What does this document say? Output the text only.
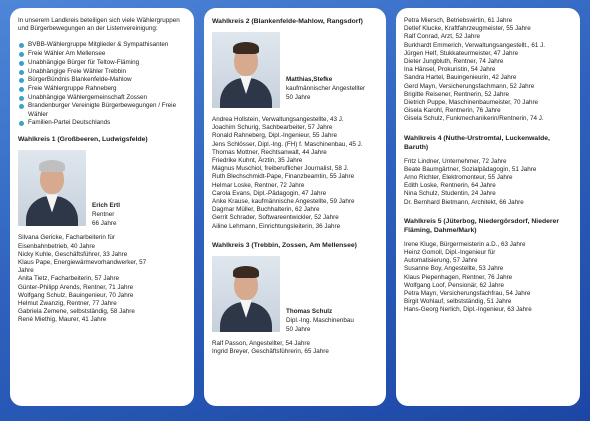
In unserem Landkreis beteiligen sich viele Wählergruppen und Bürgerbewegungen an der Listenvereinigung:

BVBB-Wählergruppe Mitglieder & Sympathisanten
Freie Wähler Am Mellensee
Unabhängige Bürger für Teltow-Fläming
Unabhängige Freie Wähler Trebbin
BürgerBündnis Blankenfelde-Mahlow
Freie Wählergruppe Rahneberg
Unabhängige Wählergemeinschaft Zossen
Brandenburger Vereinigte Bürgerbewegungen / Freie Wähler
Familien-Partei Deutschlands
Wahlkreis 1 (Großbeeren, Ludwigsfelde)
Erich Ertl
Rentner
66 Jahre
Silvana Gericke, Facharbeiterin für
Eisenbahnbetrieb, 40 Jahre
Nicky Kuhle, Geschäftsführer, 33 Jahre
Klaus Pape, Energiewärmevorhandwerker, 57
Jahre
Anita Tietz, Facharbeiterin, 57 Jahre
Günter-Philipp Arends, Rentner, 71 Jahre
Wolfgang Schulz, Bauingenieur, 70 Jahre
Helmut Zwanzig, Rentner, 77 Jahre
Gabriela Zemene, selbstständig, 58 Jahre
René Miethig, Maurer, 41 Jahre
Wahlkreis 2 (Blankenfelde-Mahlow, Rangsdorf)
Matthias,Stefke
kaufmännischer Angestellter
50 Jahre
Andrea Hollstein, Verwaltungsangestellte, 43 J.
Joachim Schurig, Sachbearbeiter, 57 Jahre
Ronald Rahneberg, Dipl.-Ingenieur, 55 Jahre
Jens Schlösser, Dipl.-Ing. (FH) f. Maschinenbau, 45 J.
Thomas Mottner, Rechtsanwalt, 44 Jahre
Friedrike Kuhnt, Ärztin, 35 Jahre
Magnus Muschiol, freiberuflicher Journalist, 58 J.
Ruth Blechschmidt-Pape, Finanzbeamtin, 55 Jahre
Helmar Loske, Rentner, 72 Jahre
Carola Evans, Dipl.-Pädagogin, 47 Jahre
Anke Krause, kaufmännische Angestellte, 59 Jahre
Dagmar Müller, Buchhalterin, 62 Jahre
Gerrit Schrader, Softwareentwickler, 52 Jahre
Ailine Lehmann, Einrichtungsleiterin, 36 Jahre
Wahlkreis 3 (Trebbin, Zossen, Am Mellensee)
Thomas Schulz
Dipl.-Ing. Maschinenbau
50 Jahre
Ralf Passon, Angestellter, 54 Jahre
Ingrid Breyer, Geschäftsführerin, 65 Jahre
Petra Miersch, Betriebswirtin, 61 Jahre
Detlef Klucke, Kraftfahrzeugmeister, 55 Jahre
Ralf Conrad, Arzt, 52 Jahre
Burkhardt Emmerich, Verwaltungsangestellt., 61 J.
Jürgen Helf, Stukkateurmeister, 47 Jahre
Dieter Jungbluth, Rentner, 74 Jahre
Ina Hänsel, Prokuristin, 54 Jahre
Sandra Hartel, Bauingenieurin, 42 Jahre
Gerd Mayn, Versicherungsfachmann, 52 Jahre
Brigitte Reisener, Rentnerin, 52 Jahre
Dietrich Puppe, Maschinenbaumeister, 70 Jahre
Gisela Karohl, Rentnerin, 76 Jahre
Gisela Schulz, Funkmechanikerin/Rentnerin, 74 J.
Wahlkreis 4 (Nuthe-Urstromtal, Luckenwalde, Baruth)
Fritz Lindner, Unternehmer, 72 Jahre
Beate Baumgärtner, Sozialpädagogin, 51 Jahre
Arno Richter, Elektromonteur, 55 Jahre
Edith Loske, Rentnerin, 64 Jahre
Nina Schulz, Studentin, 24 Jahre
Dr. Bernhard Bietmann, Architekt, 66 Jahre
Wahlkreis 5 (Jüterbog, Niedergörsdorf, Niederer Fläming, Dahme/Mark)
Irene Kluge, Bürgermeisterin a.D., 63 Jahre
Heinz Gomoll, Dipl.-Ingenieur für
Automatisierung, 57 Jahre
Susanne Boy, Angestellte, 53 Jahre
Klaus Piepenhagen, Rentner, 76 Jahre
Wolfgang Loof, Pensionär, 62 Jahre
Petra Mayn, Versicherungsfachfrau, 54 Jahre
Birgit Wohlauf, selbstständig, 51 Jahre
Hans-Georg Nerlich, Dipl.-Ingenieur, 63 Jahre
